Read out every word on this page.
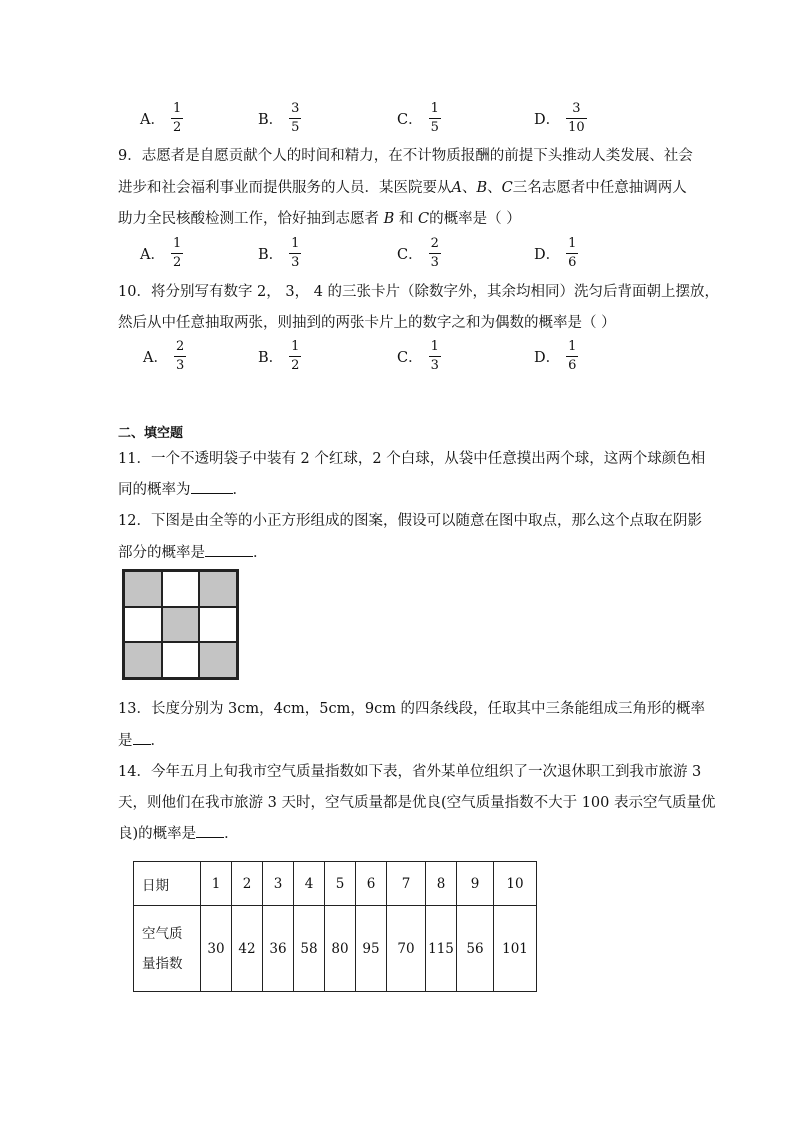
A． $\frac{1}{2}$	B． $\frac{3}{5}$	C． $\frac{1}{5}$	D． $\frac{3}{10}$
9．志愿者是自愿贡献个人的时间和精力，在不计物质报酬的前提下头推动人类发展、社会
进步和社会福利事业而提供服务的人员．某医院要从A、B、C三名志愿者中任意抽调两人
助力全民核酸检测工作，恰好抽到志愿者 B 和 C的概率是（ ）
A． $\frac{1}{2}$	B． $\frac{1}{3}$	C． $\frac{2}{3}$	D． $\frac{1}{6}$
10．将分别写有数字 2， 3， 4 的三张卡片（除数字外，其余均相同）洗匀后背面朝上摆放，
然后从中任意抽取两张，则抽到的两张卡片上的数字之和为偶数的概率是（ ）
A． $\frac{2}{3}$	B． $\frac{1}{2}$	C． $\frac{1}{3}$	D． $\frac{1}{6}$
二、填空题
11．一个不透明袋子中装有 2 个红球，2 个白球，从袋中任意摸出两个球，这两个球颜色相
同的概率为	．
12．下图是由全等的小正方形组成的图案，假设可以随意在图中取点，那么这个点取在阴影
部分的概率是	．
13．长度分别为 3cm，4cm，5cm，9cm 的四条线段，任取其中三条能组成三角形的概率
是 ．
14．今年五月上旬我市空气质量指数如下表，省外某单位组织了一次退休职工到我市旅游 3
天，则他们在我市旅游 3 天时，空气质量都是优良(空气质量指数不大于 100 表示空气质量优
良)的概率是 ．
日期	1	2	3	4	5	6	7	8	9	10
空气质
量指数	30	42	36	58	80	95	70	115	56	101
